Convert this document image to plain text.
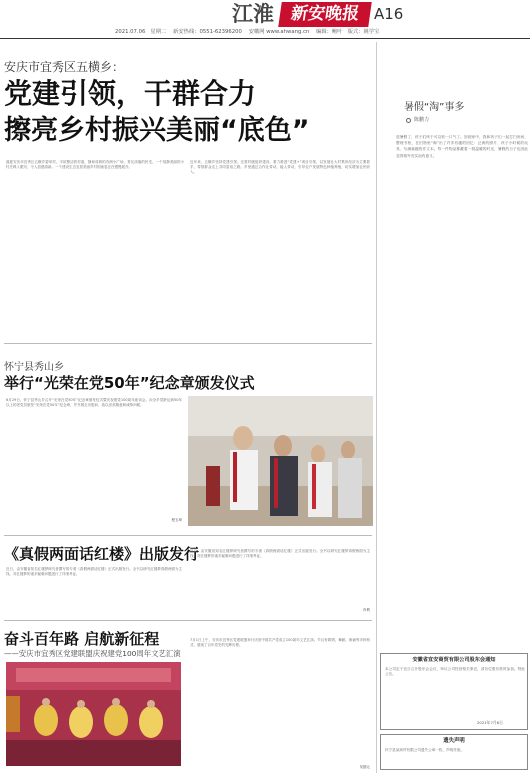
江淮 新安晚报 A16
2021.07.06 星期二 新安热线：0551-62396200 安徽网 www.ahwang.cn 编辑：鲍叶 版式：姚学宝
安庆市宜秀区五横乡：
党建引领，干群合力
擦亮乡村振兴美丽“底色”
盛夏安庆市宜秀区五横乡碧草村，平坦整洁的村道，静和成荫的杏洲小广场，青瓦淡墙的民宅，一个恬静美丽的小村庄映入眼帘，令人倍感清新。一个建设生态宜居美丽乡村的画卷正在慢慢展开。
近年来，五横乡坚持党建引领，完善村级组织建设，着力推进“党建+”项目引领，以发展壮大村集体经济为主要抓手，带领群众走上共同富裕之路。乡里通过合作社带动、能人带动，引导农户发展特色种植养殖，切实增加农民收入。
怀宁县秀山乡
举行“光荣在党50年”纪念章颁发仪式
6月29日，怀宁县秀山乡召开“光荣在党50年”纪念章颁发仪式暨庆祝建党100周年座谈会。向全乡党龄达到50年以上的老党员颁发“光荣在党50年”纪念章，并开展走访慰问，致以崇高敬意和诚挚问候。
程玉琦
《真假两面话红楼》出版发行
近日，由安徽省知名红楼梦研究者撰写的专著《真假两面话红楼》正式出版发行。全书以研究红楼梦真假两面为主线，对红楼梦的诸多疑难问题进行了详细考证。
近日，由安徽省知名红楼梦研究者撰写的专著《真假两面话红楼》正式出版发行。全书以研究红楼梦真假两面为主线，对红楼梦的诸多疑难问题进行了详细考证。
肖利
奋斗百年路 启航新征程
——安庆市宜秀区党建联盟庆祝建党100周年文艺汇演
7月1日上午，安庆市宜秀区党建联盟举行庆祝中国共产党成立100周年文艺汇演。节目有歌唱、舞蹈、朗诵等多种形式，展现了百年党史的光辉历程。
吴德元
暑假“淘”事多
陈鹏力
放暑假了，孩子们终于可以松一口气了。回到家中，我和孩子们一起打扫房间、整理书柜，在旧物里“淘”出了许多有趣的回忆：泛黄的照片、孩子小时候的玩具、写满童趣的作文本。每一件物品都藏着一段温暖的时光，暑假的日子也因此变得格外充实而有意义。
安徽省宜安商贸有限公司股东会通知
本公司定于近日召开股东会会议，审议公司经营相关事宜，请各位股东准时参加。特此公告。
2021年7月6日
遗失声明
怀宁县某商贸有限公司遗失公章一枚，声明作废。
